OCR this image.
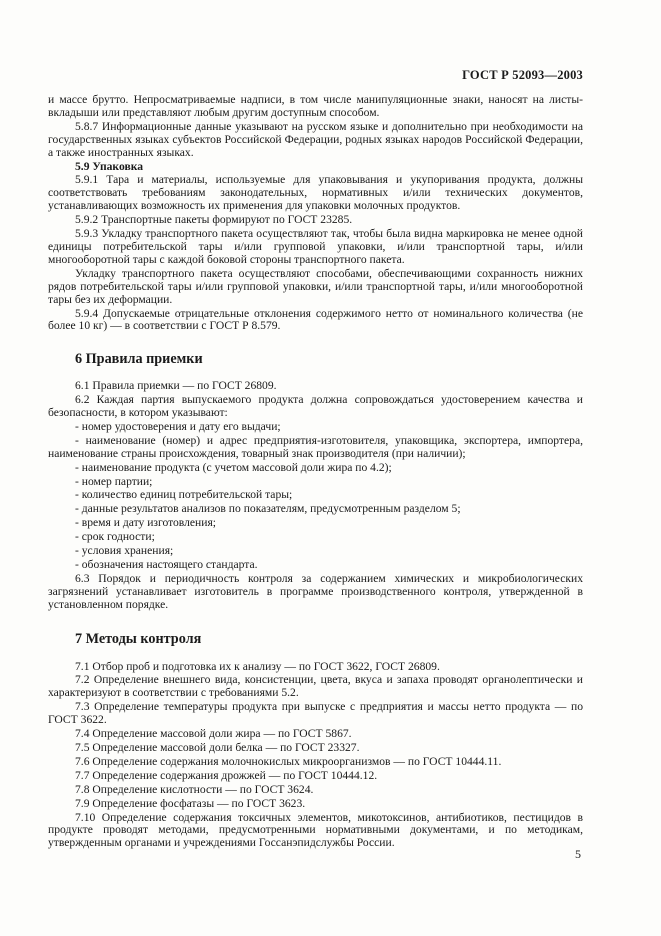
ГОСТ Р 52093—2003

и массе брутто. Непросматриваемые надписи, в том числе манипуляционные знаки, наносят на листы-вкладыши или представляют любым другим доступным способом.

5.8.7 Информационные данные указывают на русском языке и дополнительно при необходимости на государственных языках субъектов Российской Федерации, родных языках народов Российской Федерации, а также иностранных языках.

5.9 Упаковка

5.9.1 Тара и материалы, используемые для упаковывания и укупоривания продукта, должны соответствовать требованиям законодательных, нормативных и/или технических документов, устанавливающих возможность их применения для упаковки молочных продуктов.

5.9.2 Транспортные пакеты формируют по ГОСТ 23285.

5.9.3 Укладку транспортного пакета осуществляют так, чтобы была видна маркировка не менее одной единицы потребительской тары и/или групповой упаковки, и/или транспортной тары, и/или многооборотной тары с каждой боковой стороны транспортного пакета.

Укладку транспортного пакета осуществляют способами, обеспечивающими сохранность нижних рядов потребительской тары и/или групповой упаковки, и/или транспортной тары, и/или многооборотной тары без их деформации.

5.9.4 Допускаемые отрицательные отклонения содержимого нетто от номинального количества (не более 10 кг) — в соответствии с ГОСТ Р 8.579.

6 Правила приемки

6.1 Правила приемки — по ГОСТ 26809.

6.2 Каждая партия выпускаемого продукта должна сопровождаться удостоверением качества и безопасности, в котором указывают:

- номер удостоверения и дату его выдачи;

- наименование (номер) и адрес предприятия-изготовителя, упаковщика, экспортера, импортера, наименование страны происхождения, товарный знак производителя (при наличии);

- наименование продукта (с учетом массовой доли жира по 4.2);

- номер партии;

- количество единиц потребительской тары;

- данные результатов анализов по показателям, предусмотренным разделом 5;

- время и дату изготовления;

- срок годности;

- условия хранения;

- обозначения настоящего стандарта.

6.3 Порядок и периодичность контроля за содержанием химических и микробиологических загрязнений устанавливает изготовитель в программе производственного контроля, утвержденной в установленном порядке.

7 Методы контроля

7.1 Отбор проб и подготовка их к анализу — по ГОСТ 3622, ГОСТ 26809.

7.2 Определение внешнего вида, консистенции, цвета, вкуса и запаха проводят органолептически и характеризуют в соответствии с требованиями 5.2.

7.3 Определение температуры продукта при выпуске с предприятия и массы нетто продукта — по ГОСТ 3622.

7.4 Определение массовой доли жира — по ГОСТ 5867.

7.5 Определение массовой доли белка — по ГОСТ 23327.

7.6 Определение содержания молочнокислых микроорганизмов — по ГОСТ 10444.11.

7.7 Определение содержания дрожжей — по ГОСТ 10444.12.

7.8 Определение кислотности — по ГОСТ 3624.

7.9 Определение фосфатазы — по ГОСТ 3623.

7.10 Определение содержания токсичных элементов, микотоксинов, антибиотиков, пестицидов в продукте проводят методами, предусмотренными нормативными документами, и по методикам, утвержденным органами и учреждениями Госсанэпидслужбы России.

5
